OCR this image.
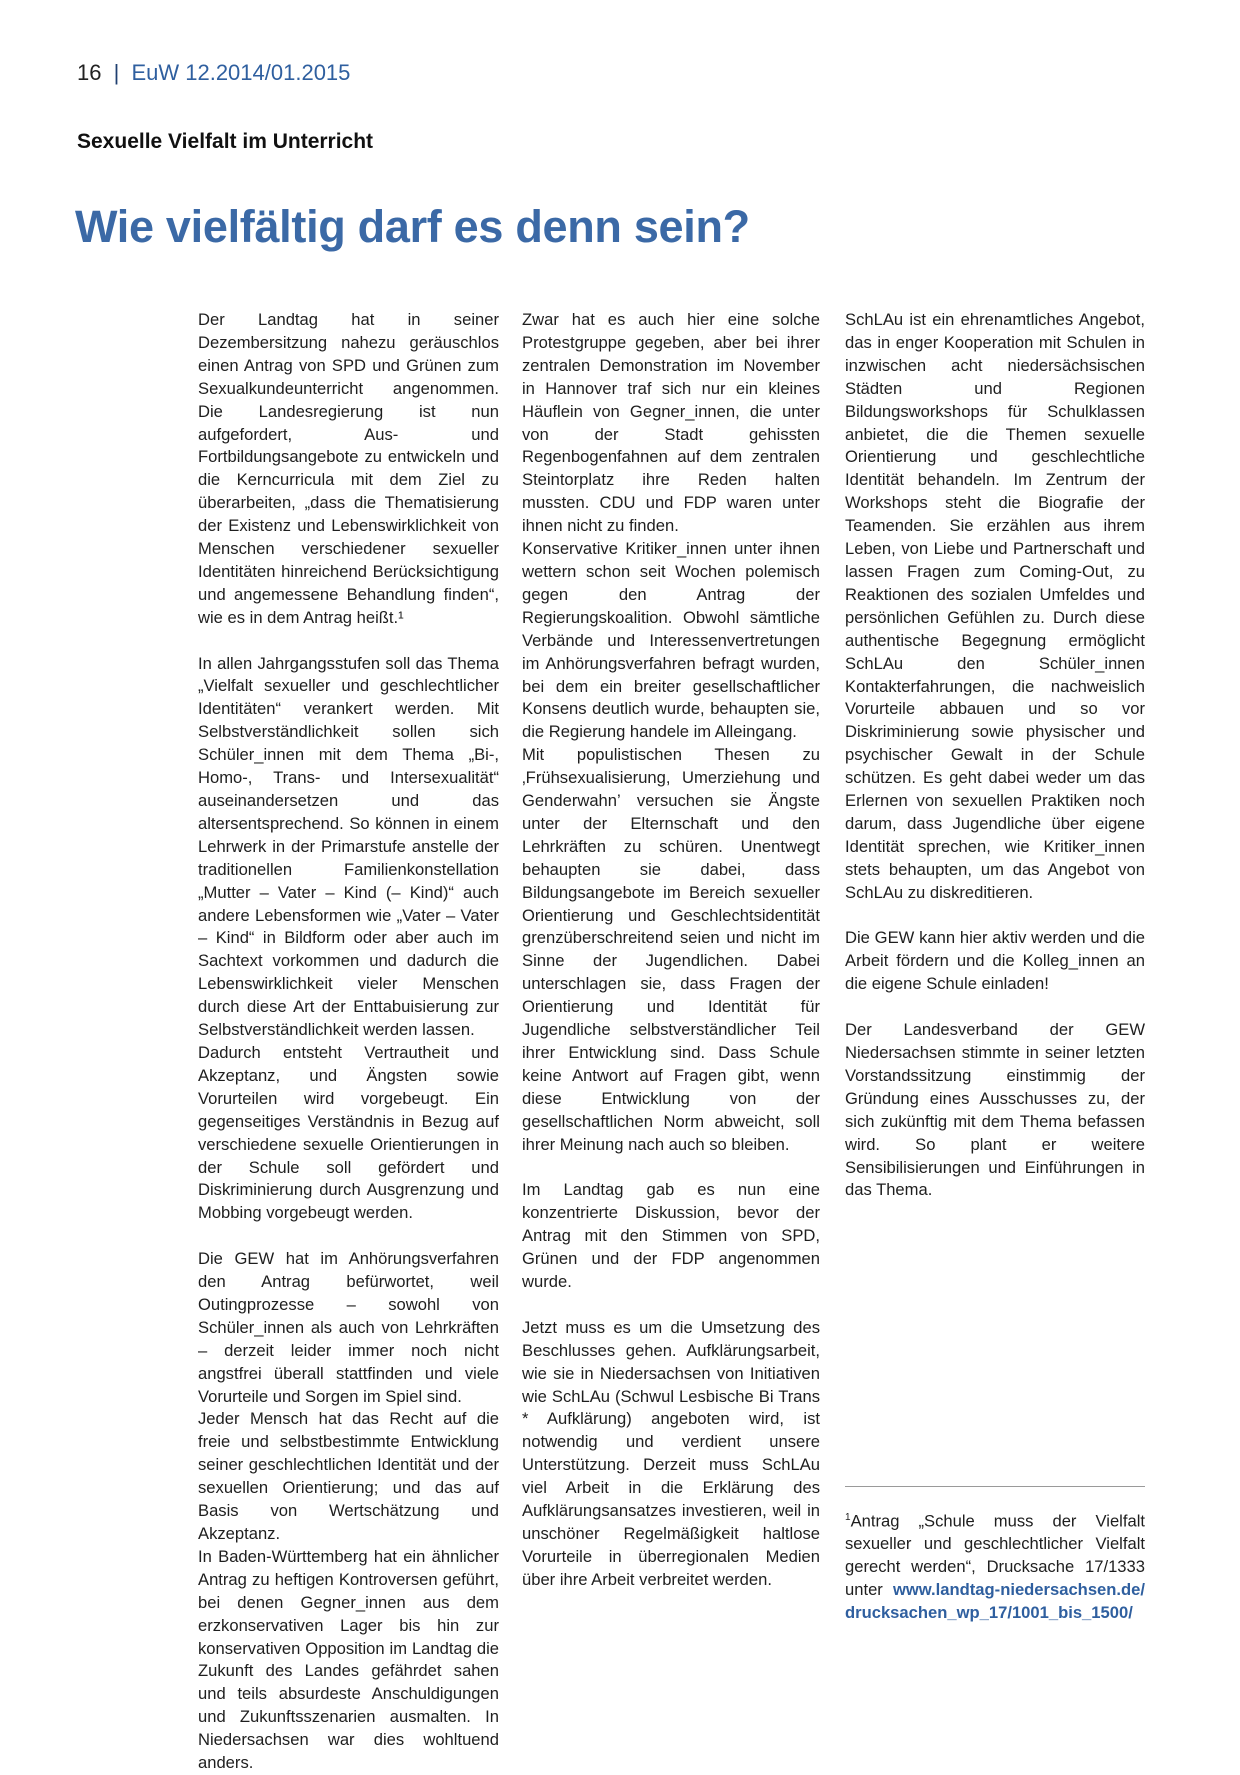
16 | EuW 12.2014/01.2015
Sexuelle Vielfalt im Unterricht
Wie vielfältig darf es denn sein?

Der Landtag hat in seiner Dezembersitzung nahezu geräuschlos einen Antrag von SPD und Grünen zum Sexualkundeunterricht angenommen. Die Landesregierung ist nun aufgefordert, Aus- und Fortbildungsangebote zu entwickeln und die Kerncurricula mit dem Ziel zu überarbeiten, „dass die Thematisierung der Existenz und Lebenswirklichkeit von Menschen verschiedener sexueller Identitäten hinreichend Berücksichtigung und angemessene Behandlung finden“, wie es in dem Antrag heißt.¹

In allen Jahrgangsstufen soll das Thema „Vielfalt sexueller und geschlechtlicher Identitäten“ verankert werden. Mit Selbstverständlichkeit sollen sich Schüler_innen mit dem Thema „Bi-, Homo-, Trans- und Intersexualität“ auseinandersetzen und das altersentsprechend. So können in einem Lehrwerk in der Primarstufe anstelle der traditionellen Familienkonstellation „Mutter – Vater – Kind (– Kind)“ auch andere Lebensformen wie „Vater – Vater – Kind“ in Bildform oder aber auch im Sachtext vorkommen und dadurch die Lebenswirklichkeit vieler Menschen durch diese Art der Enttabuisierung zur Selbstverständlichkeit werden lassen.

Dadurch entsteht Vertrautheit und Akzeptanz, und Ängsten sowie Vorurteilen wird vorgebeugt. Ein gegenseitiges Verständnis in Bezug auf verschiedene sexuelle Orientierungen in der Schule soll gefördert und Diskriminierung durch Ausgrenzung und Mobbing vorgebeugt werden.

Die GEW hat im Anhörungsverfahren den Antrag befürwortet, weil Outingprozesse – sowohl von Schüler_innen als auch von Lehrkräften – derzeit leider immer noch nicht angstfrei überall stattfinden und viele Vorurteile und Sorgen im Spiel sind.

Jeder Mensch hat das Recht auf die freie und selbstbestimmte Entwicklung seiner geschlechtlichen Identität und der sexuellen Orientierung; und das auf Basis von Wertschätzung und Akzeptanz.

In Baden-Württemberg hat ein ähnlicher Antrag zu heftigen Kontroversen geführt, bei denen Gegner_innen aus dem erzkonservativen Lager bis hin zur konservativen Opposition im Landtag die Zukunft des Landes gefährdet sahen und teils absurdeste Anschuldigungen und Zukunftsszenarien ausmalten. In Niedersachsen war dies wohltuend anders.

Zwar hat es auch hier eine solche Protestgruppe gegeben, aber bei ihrer zentralen Demonstration im November in Hannover traf sich nur ein kleines Häuflein von Gegner_innen, die unter von der Stadt gehissten Regenbogenfahnen auf dem zentralen Steintorplatz ihre Reden halten mussten. CDU und FDP waren unter ihnen nicht zu finden.

Konservative Kritiker_innen unter ihnen wettern schon seit Wochen polemisch gegen den Antrag der Regierungskoalition. Obwohl sämtliche Verbände und Interessenvertretungen im Anhörungsverfahren befragt wurden, bei dem ein breiter gesellschaftlicher Konsens deutlich wurde, behaupten sie, die Regierung handele im Alleingang.

Mit populistischen Thesen zu ‚Frühsexualisierung, Umerziehung und Genderwahn’ versuchen sie Ängste unter der Elternschaft und den Lehrkräften zu schüren. Unentwegt behaupten sie dabei, dass Bildungsangebote im Bereich sexueller Orientierung und Geschlechtsidentität grenzüberschreitend seien und nicht im Sinne der Jugendlichen. Dabei unterschlagen sie, dass Fragen der Orientierung und Identität für Jugendliche selbstverständlicher Teil ihrer Entwicklung sind. Dass Schule keine Antwort auf Fragen gibt, wenn diese Entwicklung von der gesellschaftlichen Norm abweicht, soll ihrer Meinung nach auch so bleiben.

Im Landtag gab es nun eine konzentrierte Diskussion, bevor der Antrag mit den Stimmen von SPD, Grünen und der FDP angenommen wurde.

Jetzt muss es um die Umsetzung des Beschlusses gehen. Aufklärungsarbeit, wie sie in Niedersachsen von Initiativen wie SchLAu (Schwul Lesbische Bi Trans * Aufklärung) angeboten wird, ist notwendig und verdient unsere Unterstützung. Derzeit muss SchLAu viel Arbeit in die Erklärung des Aufklärungsansatzes investieren, weil in unschöner Regelmäßigkeit haltlose Vorurteile in überregionalen Medien über ihre Arbeit verbreitet werden.

SchLAu ist ein ehrenamtliches Angebot, das in enger Kooperation mit Schulen in inzwischen acht niedersächsischen Städten und Regionen Bildungsworkshops für Schulklassen anbietet, die die Themen sexuelle Orientierung und geschlechtliche Identität behandeln. Im Zentrum der Workshops steht die Biografie der Teamenden. Sie erzählen aus ihrem Leben, von Liebe und Partnerschaft und lassen Fragen zum Coming-Out, zu Reaktionen des sozialen Umfeldes und persönlichen Gefühlen zu. Durch diese authentische Begegnung ermöglicht SchLAu den Schüler_innen Kontakterfahrungen, die nachweislich Vorurteile abbauen und so vor Diskriminierung sowie physischer und psychischer Gewalt in der Schule schützen. Es geht dabei weder um das Erlernen von sexuellen Praktiken noch darum, dass Jugendliche über eigene Identität sprechen, wie Kritiker_innen stets behaupten, um das Angebot von SchLAu zu diskreditieren.

Die GEW kann hier aktiv werden und die Arbeit fördern und die Kolleg_innen an die eigene Schule einladen!

Der Landesverband der GEW Niedersachsen stimmte in seiner letzten Vorstandssitzung einstimmig der Gründung eines Ausschusses zu, der sich zukünftig mit dem Thema befassen wird. So plant er weitere Sensibilisierungen und Einführungen in das Thema.

$^1$Antrag „Schule muss der Vielfalt sexueller und geschlechtlicher Vielfalt gerecht werden“, Drucksache 17/1333 unter www.landtag-niedersachsen.de/drucksachen_wp_17/1001_bis_1500/
